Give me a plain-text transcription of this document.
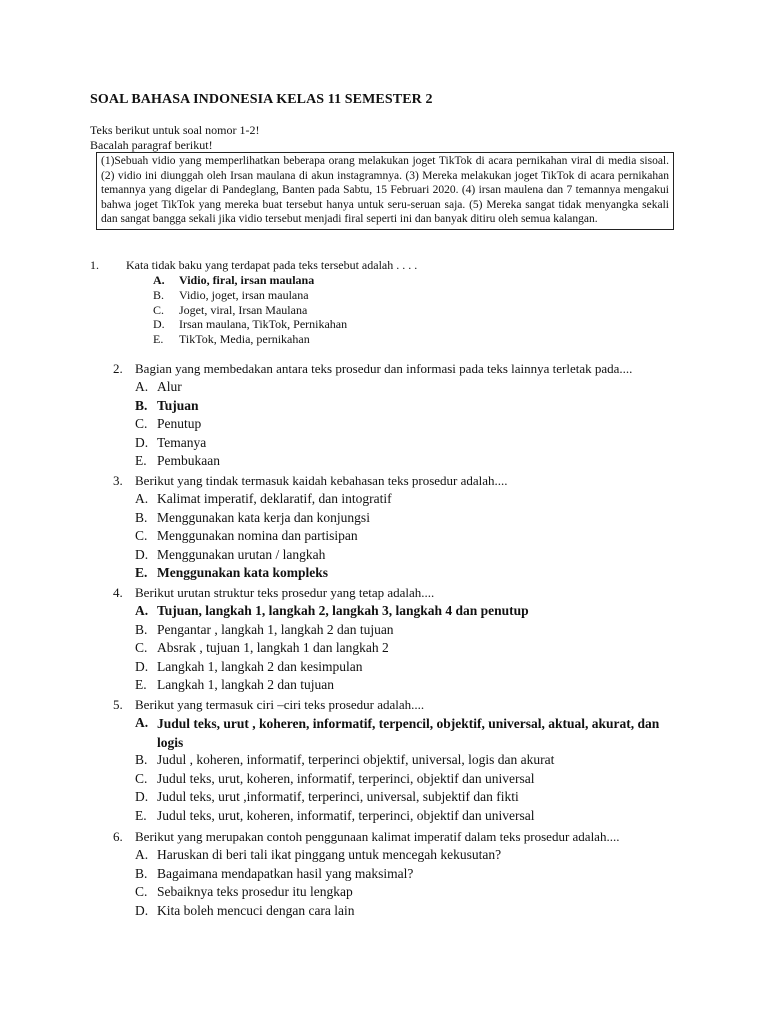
SOAL BAHASA INDONESIA KELAS 11 SEMESTER 2
Teks berikut untuk soal nomor 1-2!
Bacalah paragraf berikut!

(1)Sebuah vidio yang memperlihatkan beberapa orang melakukan joget TikTok di acara pernikahan viral di media sisoal. (2) vidio ini diunggah oleh Irsan maulana di akun instagramnya. (3) Mereka melakukan joget TikTok di acara pernikahan temannya yang digelar di Pandeglang, Banten pada Sabtu, 15 Februari 2020. (4) irsan maulena dan 7 temannya mengakui bahwa joget TikTok yang mereka buat tersebut hanya untuk seru-seruan saja. (5) Mereka sangat tidak menyangka sekali dan sangat bangga sekali jika vidio tersebut menjadi firal seperti ini dan banyak ditiru oleh semua kalangan.

1. Kata tidak baku yang terdapat pada teks tersebut adalah . . . .
A. Vidio, firal, irsan maulana
B. Vidio, joget, irsan maulana
C. Joget, viral, Irsan Maulana
D. Irsan maulana, TikTok, Pernikahan
E. TikTok, Media, pernikahan
2. Bagian yang membedakan antara teks prosedur dan informasi pada teks lainnya terletak pada....
A. Alur
B. Tujuan
C. Penutup
D. Temanya
E. Pembukaan
3. Berikut yang tindak termasuk kaidah kebahasan teks prosedur adalah....
A. Kalimat imperatif, deklaratif, dan intogratif
B. Menggunakan kata kerja dan konjungsi
C. Menggunakan nomina dan partisipan
D. Menggunakan urutan / langkah
E. Menggunakan kata kompleks
4. Berikut urutan struktur teks prosedur yang tetap adalah....
A. Tujuan, langkah 1, langkah 2, langkah 3, langkah 4 dan penutup
B. Pengantar , langkah 1, langkah 2 dan tujuan
C. Absrak , tujuan 1, langkah 1 dan langkah 2
D. Langkah 1, langkah 2 dan kesimpulan
E. Langkah 1, langkah 2 dan tujuan
5. Berikut yang termasuk ciri –ciri teks prosedur adalah....
A. Judul teks, urut , koheren, informatif, terpencil, objektif, universal, aktual, akurat, dan logis
B. Judul , koheren, informatif, terperinci objektif, universal, logis dan akurat
C. Judul teks, urut, koheren, informatif, terperinci, objektif dan universal
D. Judul teks, urut ,informatif, terperinci, universal, subjektif dan fikti
E. Judul teks, urut, koheren, informatif, terperinci, objektif dan universal
6. Berikut yang merupakan contoh penggunaan kalimat imperatif dalam teks prosedur adalah....
A. Haruskan di beri tali ikat pinggang untuk mencegah kekusutan?
B. Bagaimana mendapatkan hasil yang maksimal?
C. Sebaiknya teks prosedur itu lengkap
D. Kita boleh mencuci dengan cara lain
